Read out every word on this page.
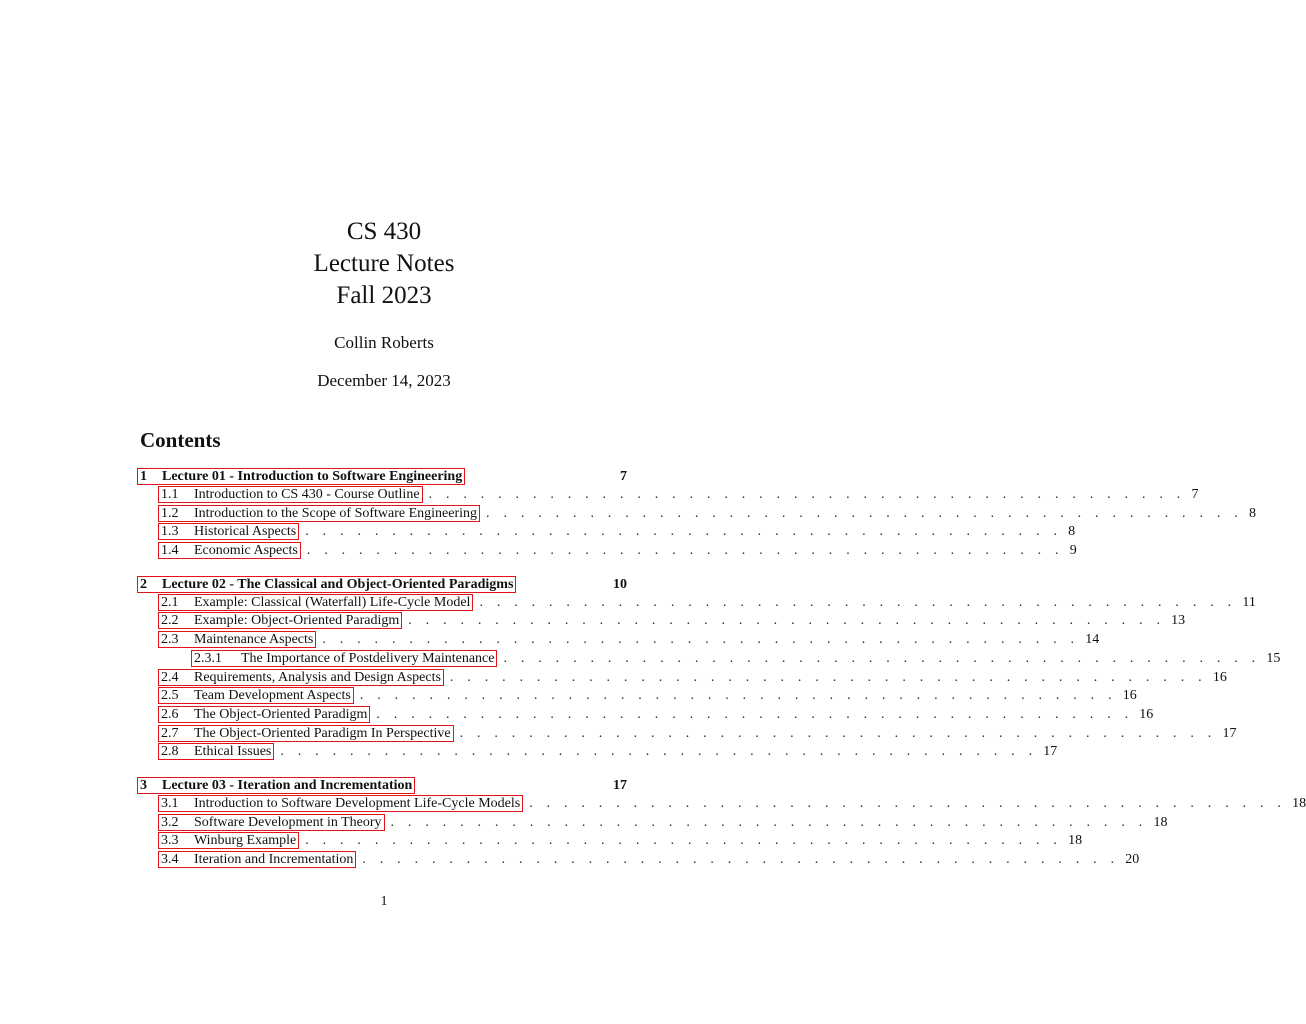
CS 430
Lecture Notes
Fall 2023
Collin Roberts
December 14, 2023
Contents
1 Lecture 01 - Introduction to Software Engineering	7
1.1 Introduction to CS 430 - Course Outline . . . . . . . . . . . . . . . . . . . . . . . . . . . . . . . . . . . . . . . . . . . . 7
1.2 Introduction to the Scope of Software Engineering . . . . . . . . . . . . . . . . . . . . . . . . . . . . . . . . . . . . . . . . . . . . 8
1.3 Historical Aspects . . . . . . . . . . . . . . . . . . . . . . . . . . . . . . . . . . . . . . . . . . . . 8
1.4 Economic Aspects . . . . . . . . . . . . . . . . . . . . . . . . . . . . . . . . . . . . . . . . . . . . 9
2 Lecture 02 - The Classical and Object-Oriented Paradigms	10
2.1 Example: Classical (Waterfall) Life-Cycle Model . . . . . . . . . . . . . . . . . . . . . . . . . . . . . . . . . . . . . . . . . . . . 11
2.2 Example: Object-Oriented Paradigm . . . . . . . . . . . . . . . . . . . . . . . . . . . . . . . . . . . . . . . . . . . . 13
2.3 Maintenance Aspects . . . . . . . . . . . . . . . . . . . . . . . . . . . . . . . . . . . . . . . . . . . . 14
2.3.1 The Importance of Postdelivery Maintenance . . . . . . . . . . . . . . . . . . . . . . . . . . . . . . . . . . . . . . . . . . . . 15
2.4 Requirements, Analysis and Design Aspects . . . . . . . . . . . . . . . . . . . . . . . . . . . . . . . . . . . . . . . . . . . . 16
2.5 Team Development Aspects . . . . . . . . . . . . . . . . . . . . . . . . . . . . . . . . . . . . . . . . . . . . 16
2.6 The Object-Oriented Paradigm . . . . . . . . . . . . . . . . . . . . . . . . . . . . . . . . . . . . . . . . . . . . 16
2.7 The Object-Oriented Paradigm In Perspective . . . . . . . . . . . . . . . . . . . . . . . . . . . . . . . . . . . . . . . . . . . . 17
2.8 Ethical Issues . . . . . . . . . . . . . . . . . . . . . . . . . . . . . . . . . . . . . . . . . . . . 17
3 Lecture 03 - Iteration and Incrementation	17
3.1 Introduction to Software Development Life-Cycle Models . . . . . . . . . . . . . . . . . . . . . . . . . . . . . . . . . . . . . . . . . . . . 18
3.2 Software Development in Theory . . . . . . . . . . . . . . . . . . . . . . . . . . . . . . . . . . . . . . . . . . . . 18
3.3 Winburg Example . . . . . . . . . . . . . . . . . . . . . . . . . . . . . . . . . . . . . . . . . . . . 18
3.4 Iteration and Incrementation . . . . . . . . . . . . . . . . . . . . . . . . . . . . . . . . . . . . . . . . . . . . 20
1
